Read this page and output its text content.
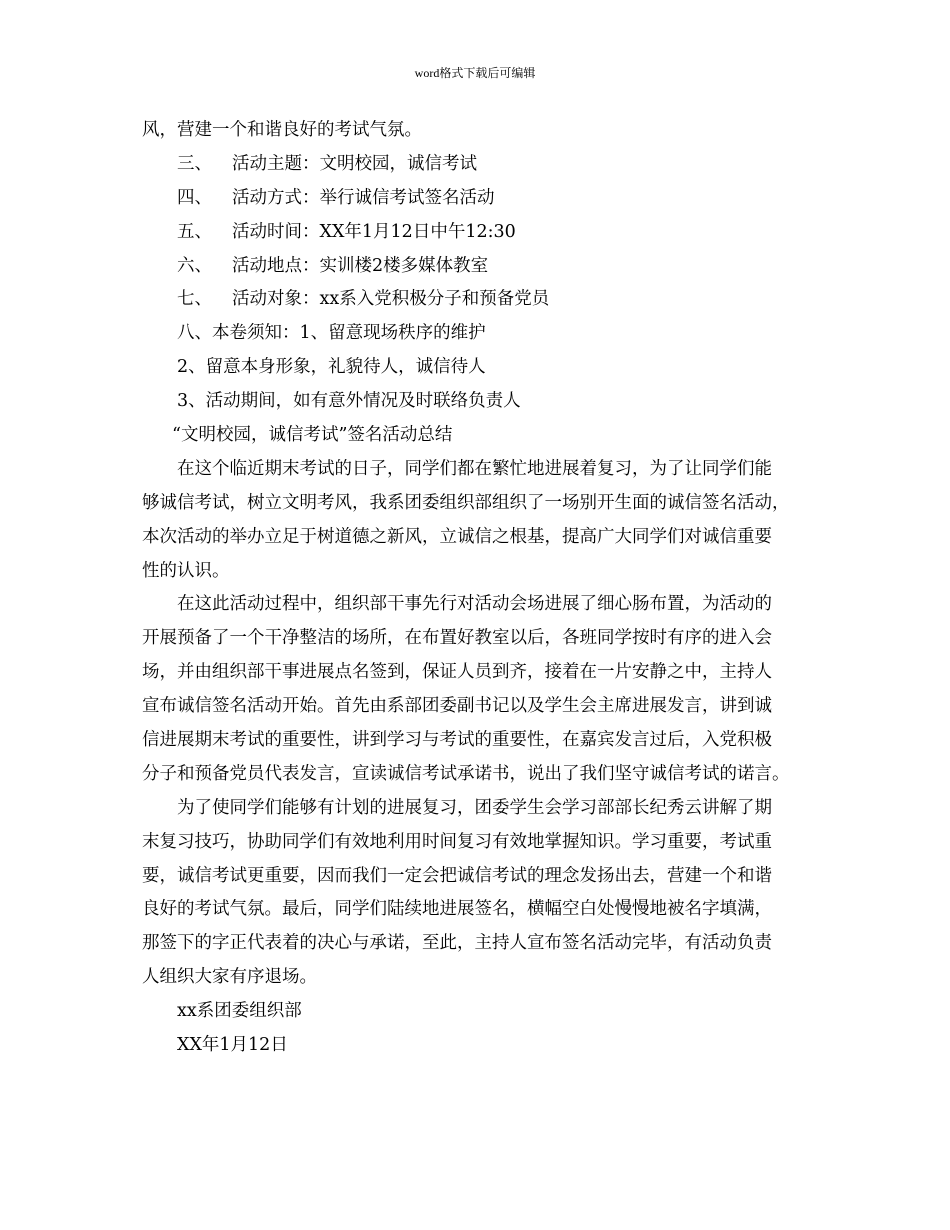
word格式下载后可编辑
风，营建一个和谐良好的考试气氛。
三、 活动主题：文明校园，诚信考试
四、 活动方式：举行诚信考试签名活动
五、 活动时间：XX年1月12日中午12:30
六、 活动地点：实训楼2楼多媒体教室
七、 活动对象：xx系入党积极分子和预备党员
八、本卷须知：1、留意现场秩序的维护
2、留意本身形象，礼貌待人，诚信待人
3、活动期间，如有意外情况及时联络负责人
“文明校园，诚信考试”签名活动总结
在这个临近期末考试的日子，同学们都在繁忙地进展着复习，为了让同学们能
够诚信考试，树立文明考风，我系团委组织部组织了一场别开生面的诚信签名活动，
本次活动的举办立足于树道德之新风，立诚信之根基，提高广大同学们对诚信重要
性的认识。
在这此活动过程中，组织部干事先行对活动会场进展了细心肠布置，为活动的
开展预备了一个干净整洁的场所，在布置好教室以后，各班同学按时有序的进入会
场，并由组织部干事进展点名签到，保证人员到齐，接着在一片安静之中，主持人
宣布诚信签名活动开始。首先由系部团委副书记以及学生会主席进展发言，讲到诚
信进展期末考试的重要性，讲到学习与考试的重要性，在嘉宾发言过后，入党积极
分子和预备党员代表发言，宣读诚信考试承诺书，说出了我们坚守诚信考试的诺言。
为了使同学们能够有计划的进展复习，团委学生会学习部部长纪秀云讲解了期
末复习技巧，协助同学们有效地利用时间复习有效地掌握知识。学习重要，考试重
要，诚信考试更重要，因而我们一定会把诚信考试的理念发扬出去，营建一个和谐
良好的考试气氛。最后，同学们陆续地进展签名，横幅空白处慢慢地被名字填满，
那签下的字正代表着的决心与承诺，至此，主持人宣布签名活动完毕，有活动负责
人组织大家有序退场。
xx系团委组织部
XX年1月12日
